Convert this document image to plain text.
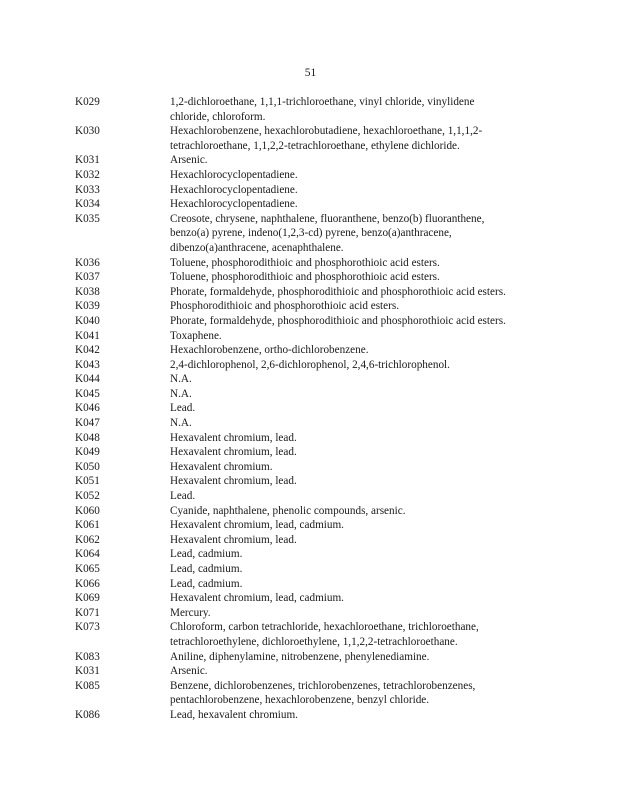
51
K029	1,2-dichloroethane, 1,1,1-trichloroethane, vinyl chloride, vinylidene
chloride, chloroform.
K030	Hexachlorobenzene, hexachlorobutadiene, hexachloroethane, 1,1,1,2-
tetrachloroethane, 1,1,2,2-tetrachloroethane, ethylene dichloride.
K031	Arsenic.
K032	Hexachlorocyclopentadiene.
K033	Hexachlorocyclopentadiene.
K034	Hexachlorocyclopentadiene.
K035	Creosote, chrysene, naphthalene, fluoranthene, benzo(b) fluoranthene,
benzo(a) pyrene, indeno(1,2,3-cd) pyrene, benzo(a)anthracene,
dibenzo(a)anthracene, acenaphthalene.
K036	Toluene, phosphorodithioic and phosphorothioic acid esters.
K037	Toluene, phosphorodithioic and phosphorothioic acid esters.
K038	Phorate, formaldehyde, phosphorodithioic and phosphorothioic acid esters.
K039	Phosphorodithioic and phosphorothioic acid esters.
K040	Phorate, formaldehyde, phosphorodithioic and phosphorothioic acid esters.
K041	Toxaphene.
K042	Hexachlorobenzene, ortho-dichlorobenzene.
K043	2,4-dichlorophenol, 2,6-dichlorophenol, 2,4,6-trichlorophenol.
K044	N.A.
K045	N.A.
K046	Lead.
K047	N.A.
K048	Hexavalent chromium, lead.
K049	Hexavalent chromium, lead.
K050	Hexavalent chromium.
K051	Hexavalent chromium, lead.
K052	Lead.
K060	Cyanide, naphthalene, phenolic compounds, arsenic.
K061	Hexavalent chromium, lead, cadmium.
K062	Hexavalent chromium, lead.
K064	Lead, cadmium.
K065	Lead, cadmium.
K066	Lead, cadmium.
K069	Hexavalent chromium, lead, cadmium.
K071	Mercury.
K073	Chloroform, carbon tetrachloride, hexachloroethane, trichloroethane,
tetrachloroethylene, dichloroethylene, 1,1,2,2-tetrachloroethane.
K083	Aniline, diphenylamine, nitrobenzene, phenylenediamine.
K031	Arsenic.
K085	Benzene, dichlorobenzenes, trichlorobenzenes, tetrachlorobenzenes,
pentachlorobenzene, hexachlorobenzene, benzyl chloride.
K086	Lead, hexavalent chromium.
